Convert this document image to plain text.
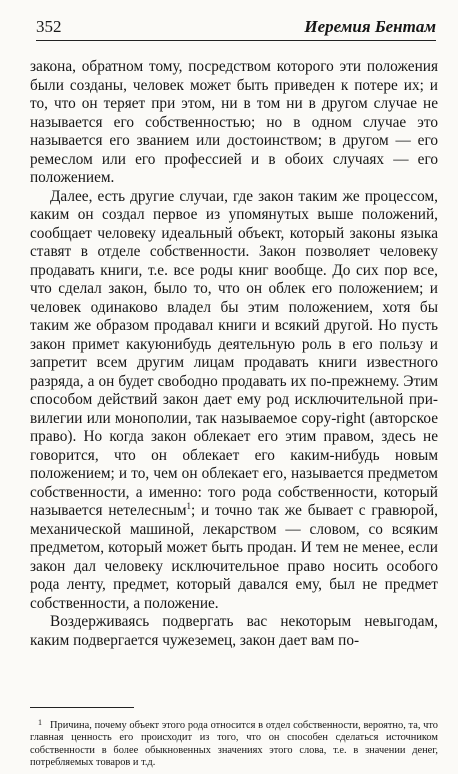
352	Иеремия Бентам

закона, обратном тому, посредством которого эти положения были созданы, человек может быть приведен к потере их; и то, что он теряет при этом, ни в том ни в другом случае не называется его собственностью; но в одном случае это называется его званием или достоинством; в другом — его ремеслом или его профессией и в обоих случаях — его положением.

Далее, есть другие случаи, где закон таким же процессом, каким он создал первое из упомянутых выше положений, сообщает человеку идеальный объект, который законы языка ставят в отделе собственности. Закон позволяет человеку продавать книги, т.е. все роды книг вообще. До сих пор все, что сделал закон, было то, что он облек его положением; и человек одинаково владел бы этим положением, хотя бы таким же образом продавал книги и всякий другой. Но пусть закон примет какуюнибудь деятельную роль в его пользу и запретит всем другим лицам продавать книги известного разряда, а он будет свободно продавать их по-прежнему. Этим способом действий закон дает ему род исключительной привилегии или монополии, так называемое copy-right (авторское право). Но когда закон облекает его этим правом, здесь не говорится, что он облекает его каким-нибудь новым положением; и то, чем он облекает его, называется предметом собственности, а именно: того рода собственности, который называется нетелесным$^1$; и точно так же бывает с гравюрой, механической машиной, лекарством — словом, со всяким предметом, который может быть продан. И тем не менее, если закон дал человеку исключительное право носить особого рода ленту, предмет, который давался ему, был не предмет собственности, а положение.

Воздерживаясь подвергать вас некоторым невыгодам, каким подвергается чужеземец, закон дает вам по-

$^1$ Причина, почему объект этого рода относится в отдел собственности, вероятно, та, что главная ценность его происходит из того, что он способен сделаться источником собственности в более обыкновенных значениях этого слова, т.е. в значении денег, потребляемых товаров и т.д.
